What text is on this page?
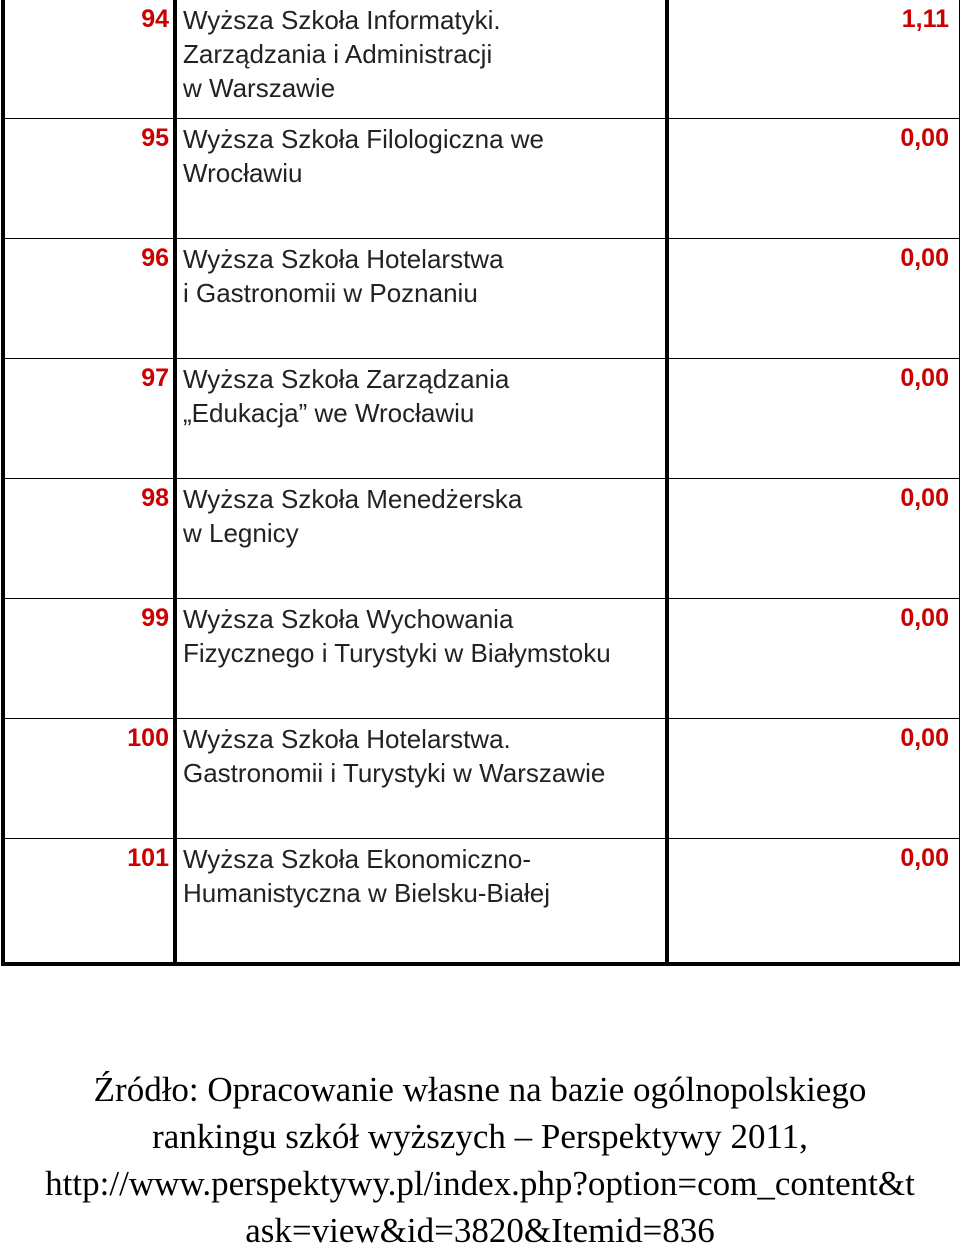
94	Wyższa Szkoła Informatyki.
Zarządzania i Administracji
w Warszawie	1,11
95	Wyższa Szkoła Filologiczna we
Wrocławiu	0,00
96	Wyższa Szkoła Hotelarstwa
i Gastronomii w Poznaniu	0,00
97	Wyższa Szkoła Zarządzania
„Edukacja” we Wrocławiu	0,00
98	Wyższa Szkoła Menedżerska
w Legnicy	0,00
99	Wyższa Szkoła Wychowania
Fizycznego i Turystyki w Białymstoku	0,00
100	Wyższa Szkoła Hotelarstwa.
Gastronomii i Turystyki w Warszawie	0,00
101	Wyższa Szkoła Ekonomiczno-
Humanistyczna w Bielsku-Białej	0,00
Źródło: Opracowanie własne na bazie ogólnopolskiego
rankingu szkół wyższych – Perspektywy 2011,
http://www.perspektywy.pl/index.php?option=com_content&t
ask=view&id=3820&Itemid=836
